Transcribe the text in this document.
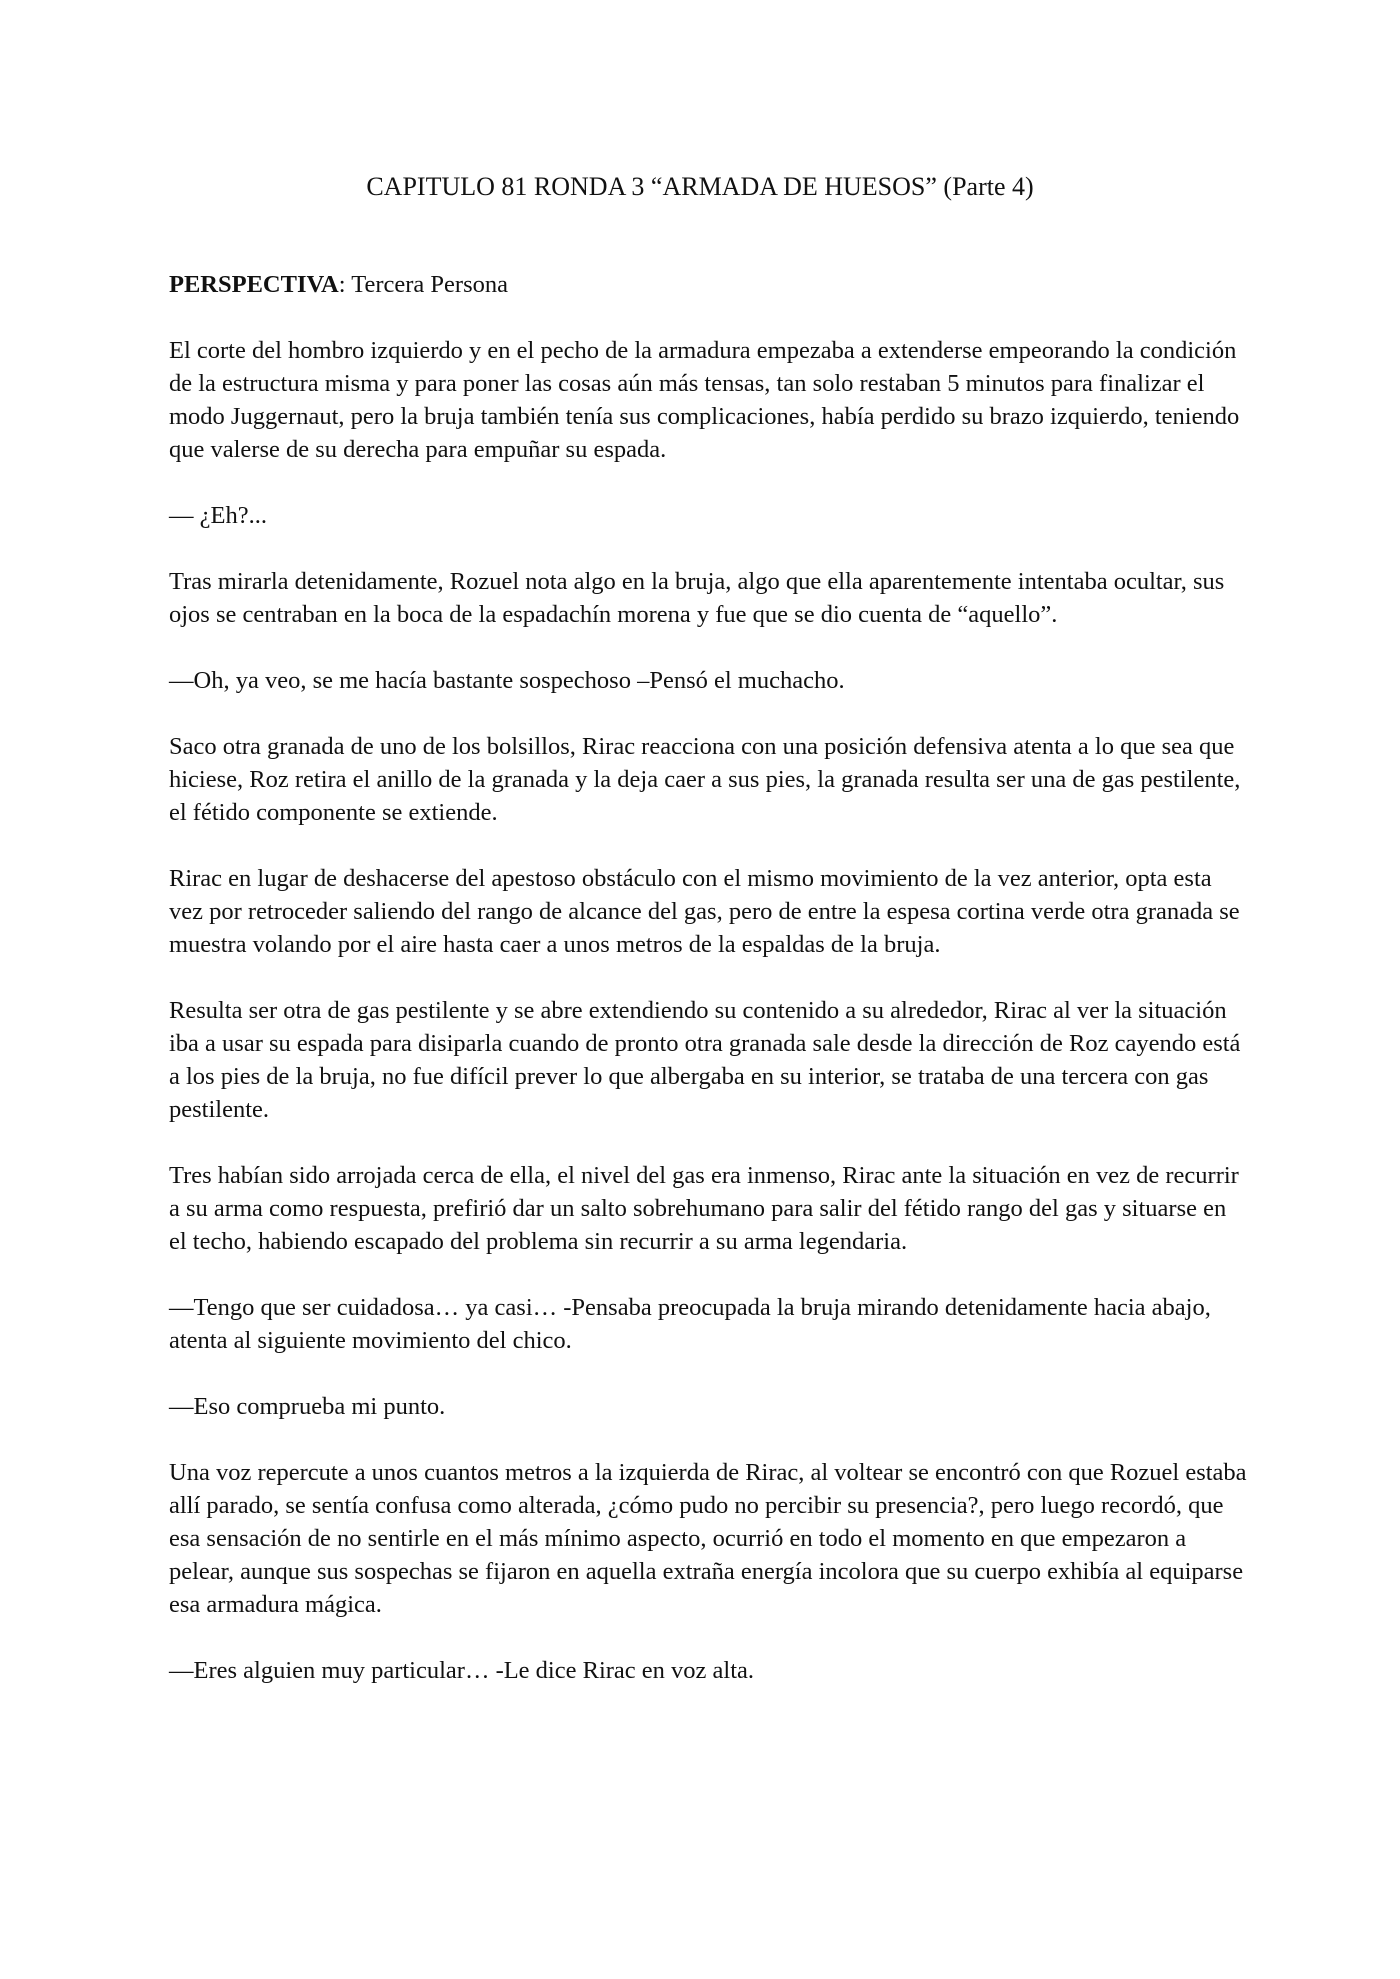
CAPITULO 81 RONDA 3 “ARMADA DE HUESOS” (Parte 4)

PERSPECTIVA: Tercera Persona

El corte del hombro izquierdo y en el pecho de la armadura empezaba a extenderse empeorando la condición de la estructura misma y para poner las cosas aún más tensas, tan solo restaban 5 minutos para finalizar el modo Juggernaut, pero la bruja también tenía sus complicaciones, había perdido su brazo izquierdo, teniendo que valerse de su derecha para empuñar su espada.

— ¿Eh?...

Tras mirarla detenidamente, Rozuel nota algo en la bruja, algo que ella aparentemente intentaba ocultar, sus ojos se centraban en la boca de la espadachín morena y fue que se dio cuenta de “aquello”.

—Oh, ya veo, se me hacía bastante sospechoso –Pensó el muchacho.

Saco otra granada de uno de los bolsillos, Rirac reacciona con una posición defensiva atenta a lo que sea que hiciese, Roz retira el anillo de la granada y la deja caer a sus pies, la granada resulta ser una de gas pestilente, el fétido componente se extiende.

Rirac en lugar de deshacerse del apestoso obstáculo con el mismo movimiento de la vez anterior, opta esta vez por retroceder saliendo del rango de alcance del gas, pero de entre la espesa cortina verde otra granada se muestra volando por el aire hasta caer a unos metros de la espaldas de la bruja.

Resulta ser otra de gas pestilente y se abre extendiendo su contenido a su alrededor, Rirac al ver la situación iba a usar su espada para disiparla cuando de pronto otra granada sale desde la dirección de Roz cayendo está a los pies de la bruja, no fue difícil prever lo que albergaba en su interior, se trataba de una tercera con gas pestilente.

Tres habían sido arrojada cerca de ella, el nivel del gas era inmenso, Rirac ante la situación en vez de recurrir a su arma como respuesta, prefirió dar un salto sobrehumano para salir del fétido rango del gas y situarse en el techo, habiendo escapado del problema sin recurrir a su arma legendaria.

—Tengo que ser cuidadosa… ya casi… -Pensaba preocupada la bruja mirando detenidamente hacia abajo, atenta al siguiente movimiento del chico.

—Eso comprueba mi punto.

Una voz repercute a unos cuantos metros a la izquierda de Rirac, al voltear se encontró con que Rozuel estaba allí parado, se sentía confusa como alterada, ¿cómo pudo no percibir su presencia?, pero luego recordó, que esa sensación de no sentirle en el más mínimo aspecto, ocurrió en todo el momento en que empezaron a pelear, aunque sus sospechas se fijaron en aquella extraña energía incolora que su cuerpo exhibía al equiparse esa armadura mágica.

—Eres alguien muy particular… -Le dice Rirac en voz alta.
